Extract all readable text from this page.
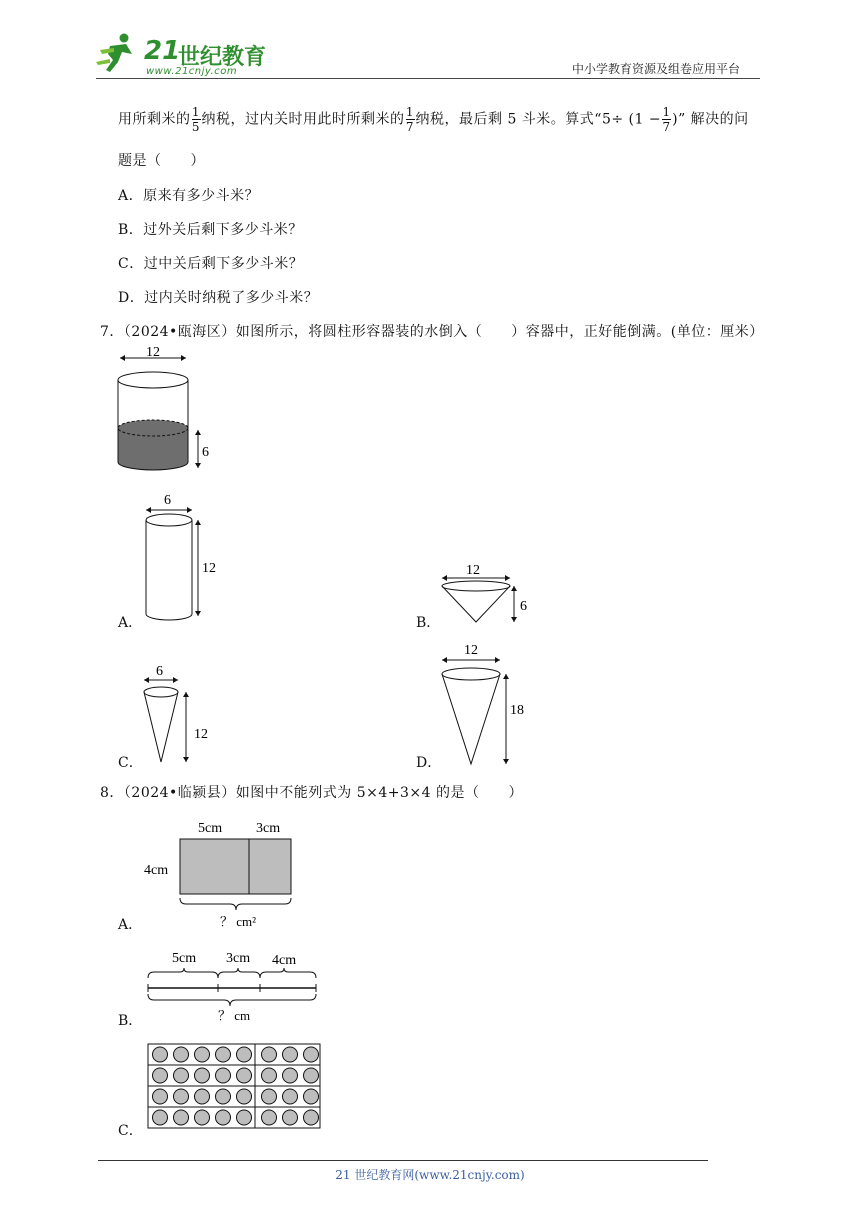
21
世纪教育
www.21cnjy.com	中小学教育资源及组卷应用平台
用所剩米的 $\frac{1}{5}$ 纳税，过内关时用此时所剩米的 $\frac{1}{7}$ 纳税，最后剩 5 斗米。算式“$5\div (1 - \frac{1}{7}$ )” 解决的问
题是（　　）
A．原来有多少斗米？
B．过外关后剩下多少斗米？
C．过中关后剩下多少斗米？
D．过内关时纳税了多少斗米？
7．（2024•瓯海区）如图所示，将圆柱形容器装的水倒入（　　）容器中，正好能倒满。(单位：厘米）
12
6
6
12
A．
12
6
B．
6
12
C．
12
18
D．
8．（2024•临颍县）如图中不能列式为 5×4+3×4 的是（　　）
5cm 3cm
4cm
？ cm²
A．
5cm 3cm 4cm
？ cm
B．
C．
21 世纪教育网(www.21cnjy.com)
